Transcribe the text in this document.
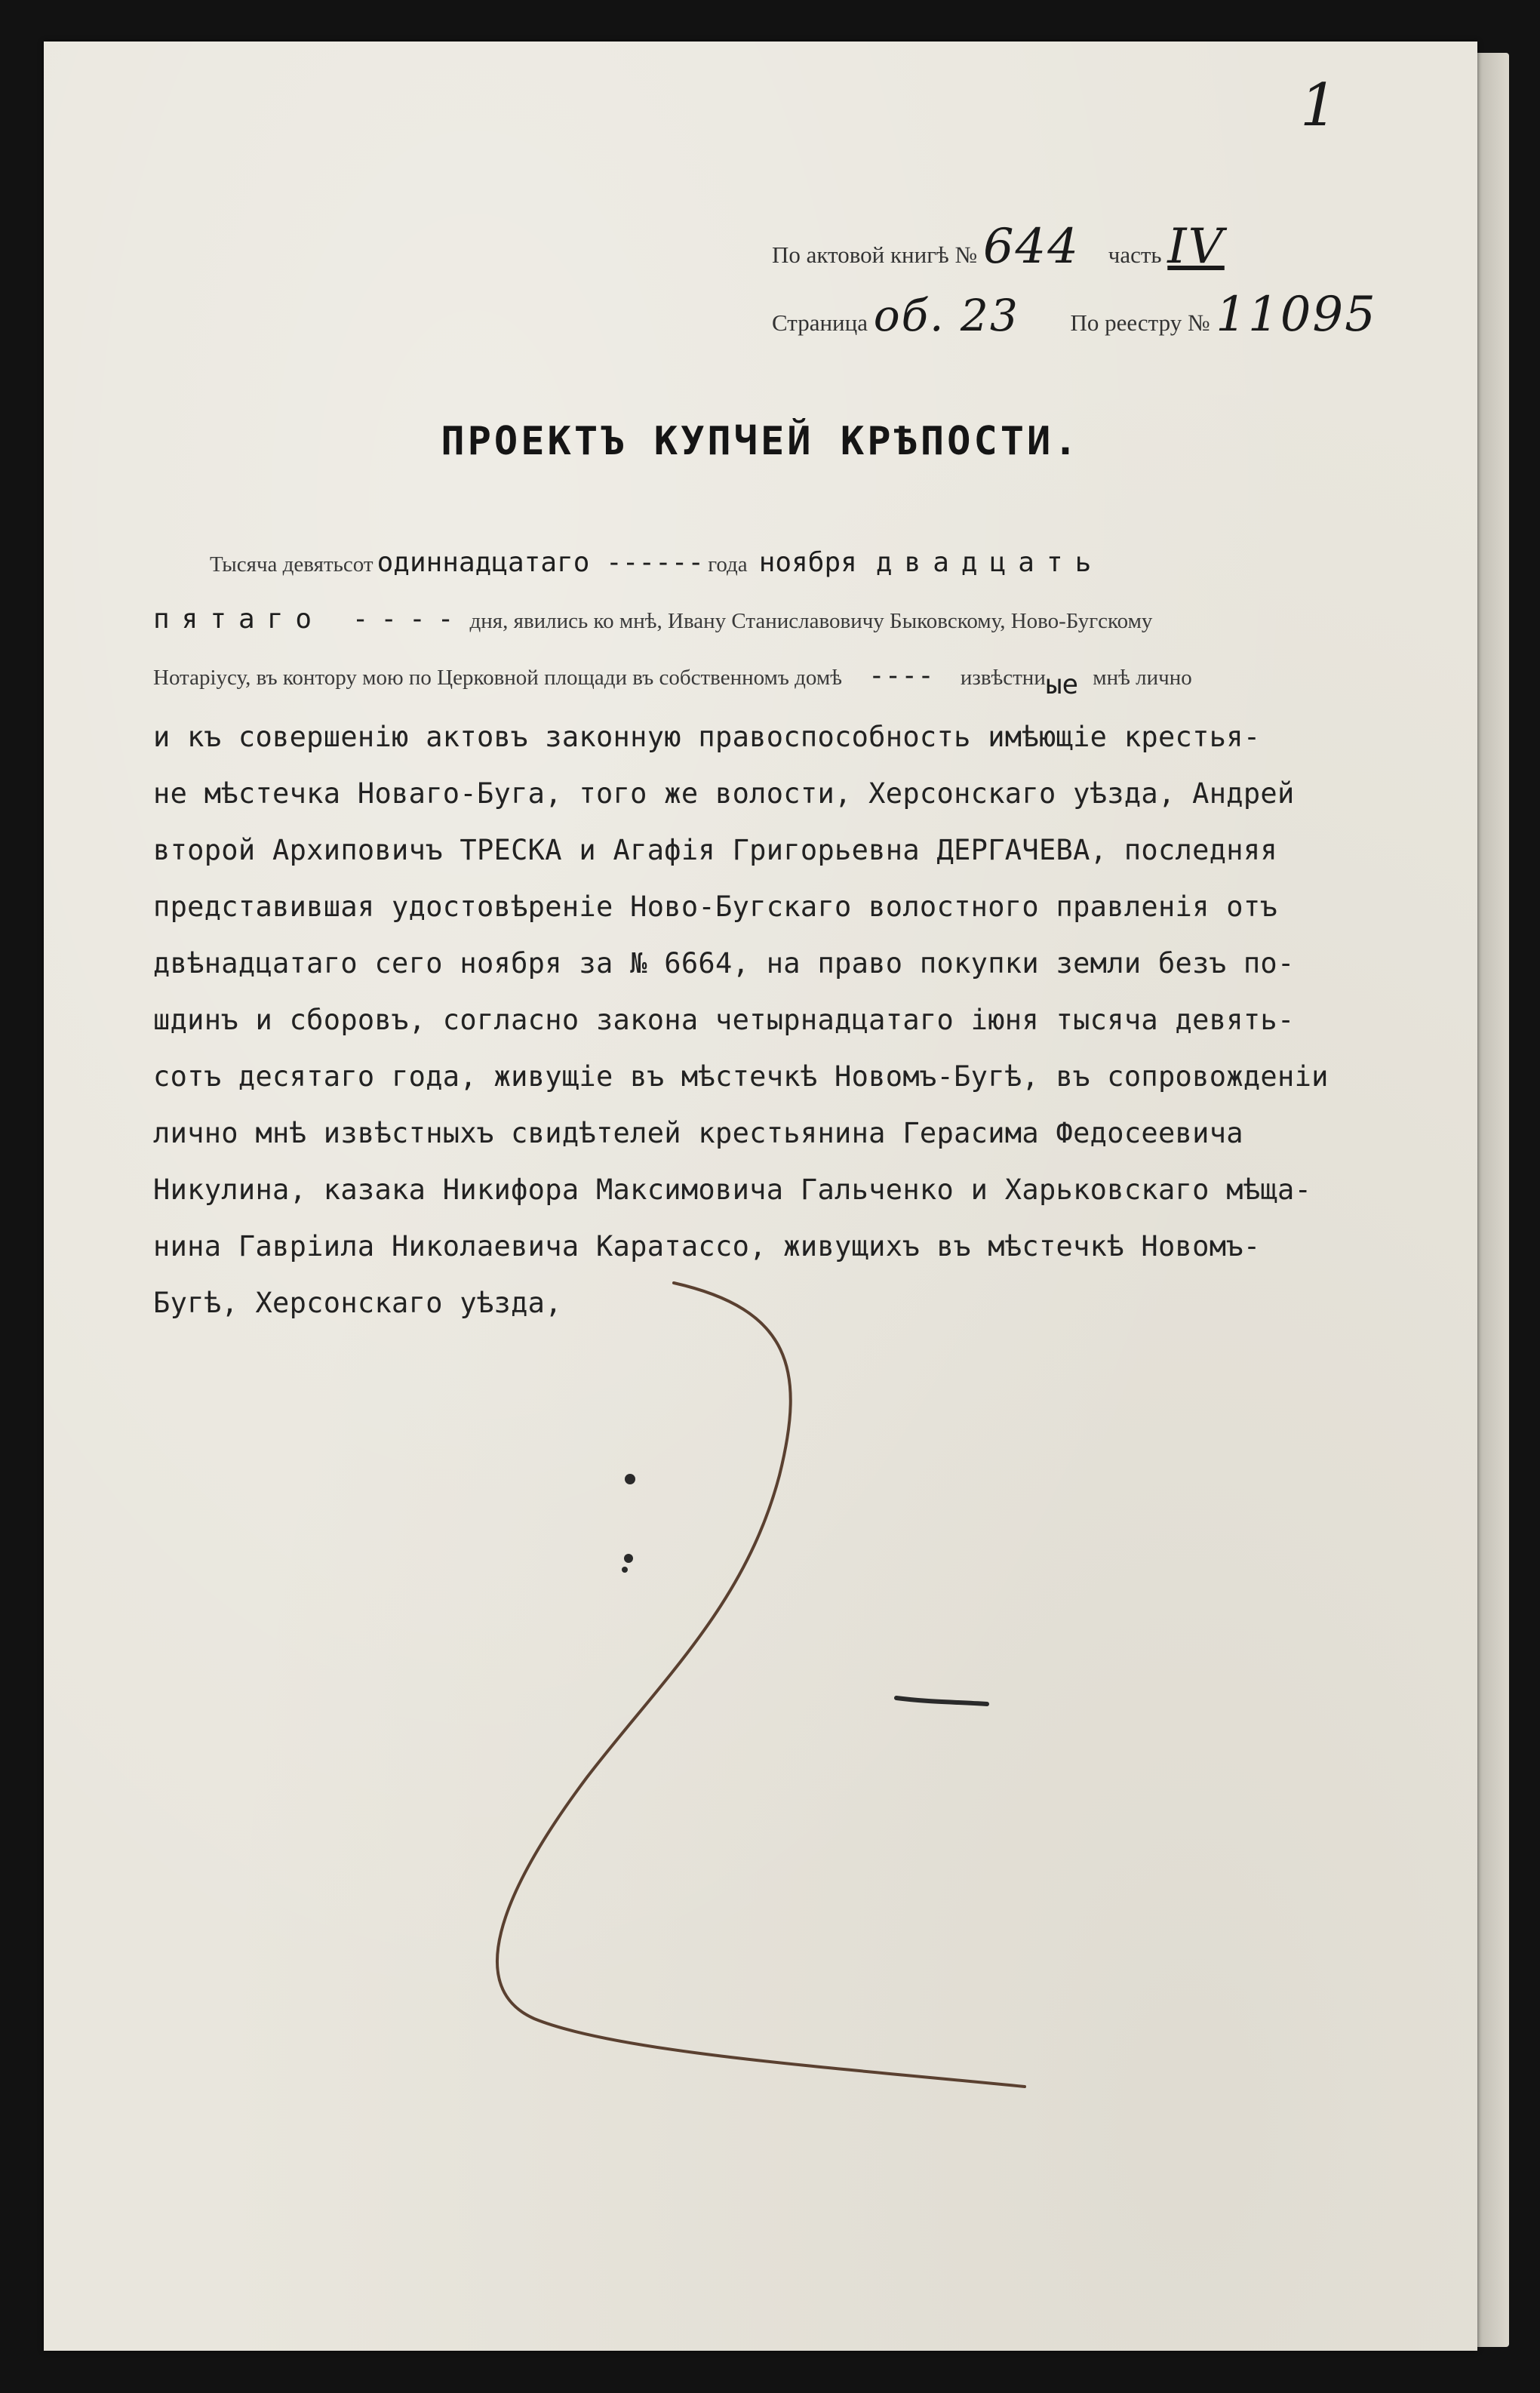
1
По актовой книгѣ № 644 часть IV
Страница об. 23 По реестру № 11095
ПРОЕКТЪ КУПЧЕЙ КРѢПОСТИ.
Тысяча девятьсот одиннадцатаго ------ года ноября двадцать
пятаго ---- дня, явились ко мнѣ, Ивану Станиславовичу Быковскому, Ново-Бугскому
Нотаріусу, въ контору мою по Церковной площади въ собственномъ домѣ ---- извѣстниые мнѣ лично
и къ совершенію актовъ законную правоспособность имѣющіе крестья-
не мѣстечка Новаго-Буга, того же волости, Херсонскаго уѣзда, Андрей
второй Архиповичъ ТРЕСКА и Агафія Григорьевна ДЕРГАЧЕВА, последняя
представившая удостовѣреніе Ново-Бугскаго волостного правленія отъ
двѣнадцатаго сего ноября за № 6664, на право покупки земли безъ по-
шдинъ и сборовъ, согласно закона четырнадцатаго іюня тысяча девять-
сотъ десятаго года, живущіе въ мѣстечкѣ Новомъ-Бугѣ, въ сопровожденіи
лично мнѣ извѣстныхъ свидѣтелей крестьянина Герасима Федосеевича
Никулина, казака Никифора Максимовича Гальченко и Харьковскаго мѣща-
нина Гавріила Николаевича Каратассо, живущихъ въ мѣстечкѣ Новомъ-
Бугѣ, Херсонскаго уѣзда,
